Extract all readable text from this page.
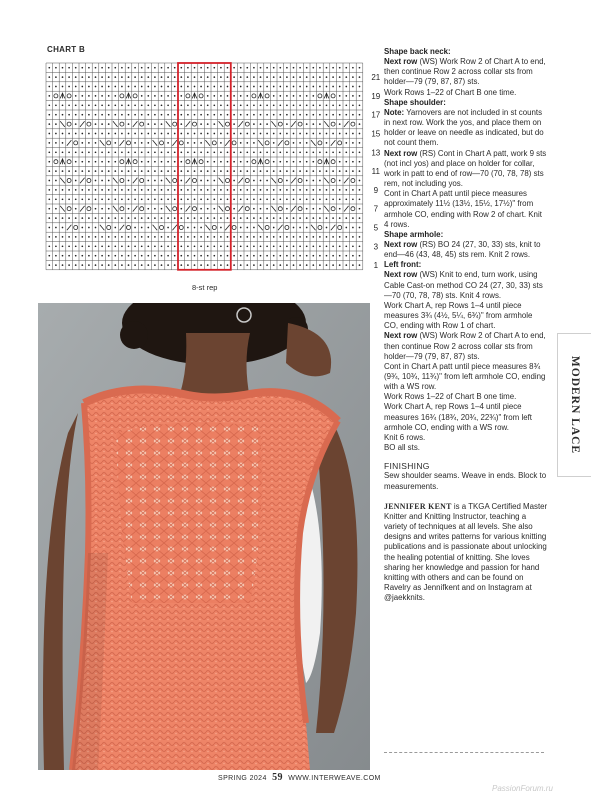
CHART B
21
19
17
15
13
11
9
7
5
3
1
8-st rep

Shape back neck:

Next row (WS) Work Row 2 of Chart A to end, then continue Row 2 across collar sts from holder—79 (79, 87, 87) sts.

Work Rows 1–22 of Chart B one time.

Shape shoulder:

Note: Yarnovers are not included in st counts in next row. Work the yos, and place them on holder or leave on needle as indicated, but do not count them.

Next row (RS) Cont in Chart A patt, work 9 sts (not incl yos) and place on holder for collar, work in patt to end of row—70 (70, 78, 78) sts rem, not including yos.

Cont in Chart A patt until piece measures approximately 11½ (13½, 15½, 17½)" from armhole CO, ending with Row 2 of chart. Knit 4 rows.

Shape armhole:

Next row (RS) BO 24 (27, 30, 33) sts, knit to end—46 (43, 48, 45) sts rem. Knit 2 rows.

Left front:

Next row (WS) Knit to end, turn work, using Cable Cast-on method CO 24 (27, 30, 33) sts—70 (70, 78, 78) sts. Knit 4 rows.

Work Chart A, rep Rows 1–4 until piece measures 3¾ (4½, 5¼, 6¾)" from armhole CO, ending with Row 1 of chart.

Next row (WS) Work Row 2 of Chart A to end, then continue Row 2 across collar sts from holder—79 (79, 87, 87) sts.

Cont in Chart A patt until piece measures 8¾ (9¾, 10¾, 11¾)" from left armhole CO, ending with a WS row.

Work Rows 1–22 of Chart B one time.

Work Chart A, rep Rows 1–4 until piece measures 16¾ (18¾, 20¾, 22¾)" from left armhole CO, ending with a WS row.

Knit 6 rows.

BO all sts.

FINISHING

Sew shoulder seams. Weave in ends. Block to measurements.

JENNIFER KENT is a TKGA Certified Master Knitter and Knitting Instructor, teaching a variety of techniques at all levels. She also designs and writes patterns for various knitting publications and is passionate about unlocking the healing potential of knitting. She loves sharing her knowledge and passion for hand knitting with others and can be found on Ravelry as Jennifkent and on Instagram at @jaekknits.

MODERN LACE
SPRING 2024 59 WWW.INTERWEAVE.COM
PassionForum.ru
